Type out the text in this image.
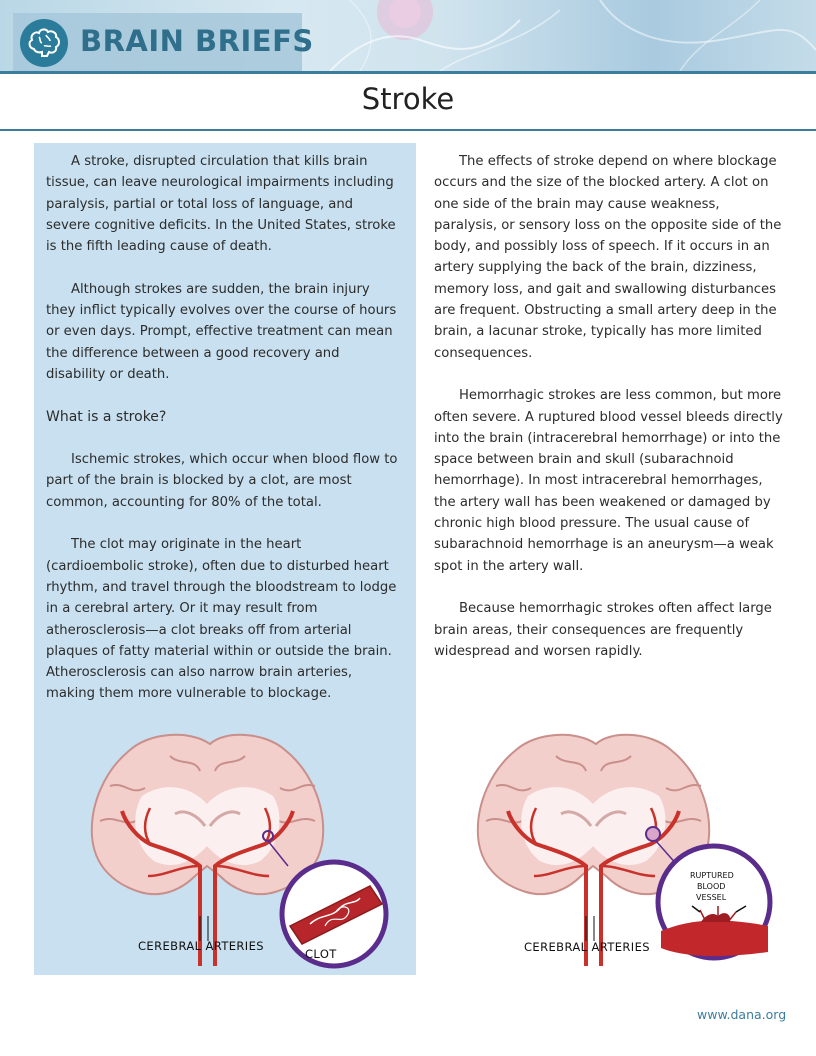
BRAIN BRIEFS
Stroke

A stroke, disrupted circulation that kills brain tissue, can leave neurological impairments including paralysis, partial or total loss of language, and severe cognitive deficits. In the United States, stroke is the fifth leading cause of death.

Although strokes are sudden, the brain injury they inflict typically evolves over the course of hours or even days. Prompt, effective treatment can mean the difference between a good recovery and disability or death.

What is a stroke?

Ischemic strokes, which occur when blood flow to part of the brain is blocked by a clot, are most common, accounting for 80% of the total.

The clot may originate in the heart (cardioembolic stroke), often due to disturbed heart rhythm, and travel through the bloodstream to lodge in a cerebral artery. Or it may result from atherosclerosis—a clot breaks off from arterial plaques of fatty material within or outside the brain. Atherosclerosis can also narrow brain arteries, making them more vulnerable to blockage.

The effects of stroke depend on where blockage occurs and the size of the blocked artery. A clot on one side of the brain may cause weakness, paralysis, or sensory loss on the opposite side of the body, and possibly loss of speech. If it occurs in an artery supplying the back of the brain, dizziness, memory loss, and gait and swallowing disturbances are frequent. Obstructing a small artery deep in the brain, a lacunar stroke, typically has more limited consequences.

Hemorrhagic strokes are less common, but more often severe. A ruptured blood vessel bleeds directly into the brain (intracerebral hemorrhage) or into the space between brain and skull (subarachnoid hemorrhage). In most intracerebral hemorrhages, the artery wall has been weakened or damaged by chronic high blood pressure. The usual cause of subarachnoid hemorrhage is an aneurysm—a weak spot in the artery wall.

Because hemorrhagic strokes often affect large brain areas, their consequences are frequently widespread and worsen rapidly.

CEREBRAL ARTERIES
CLOT	CEREBRAL ARTERIES
RUPTURED
BLOOD
VESSEL
www.dana.org
